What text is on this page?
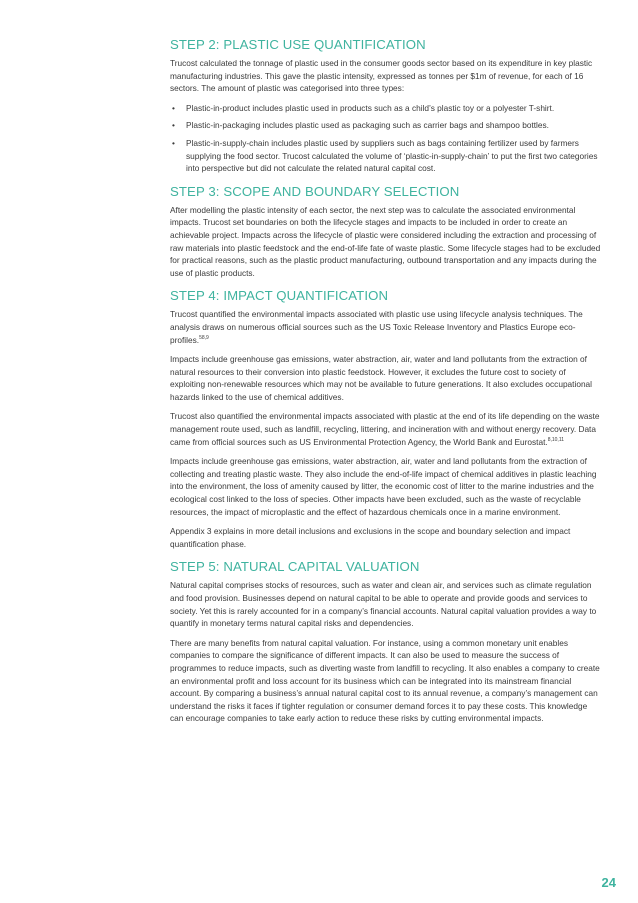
STEP 2: PLASTIC USE QUANTIFICATION

Trucost calculated the tonnage of plastic used in the consumer goods sector based on its expenditure in key plastic manufacturing industries. This gave the plastic intensity, expressed as tonnes per $1m of revenue, for each of 16 sectors. The amount of plastic was categorised into three types:

• Plastic-in-product includes plastic used in products such as a child’s plastic toy or a polyester T-shirt.
• Plastic-in-packaging includes plastic used as packaging such as carrier bags and shampoo bottles.
• Plastic-in-supply-chain includes plastic used by suppliers such as bags containing fertilizer used by farmers supplying the food sector. Trucost calculated the volume of ‘plastic-in-supply-chain’ to put the first two categories into perspective but did not calculate the related natural capital cost.
STEP 3: SCOPE AND BOUNDARY SELECTION

After modelling the plastic intensity of each sector, the next step was to calculate the associated environmental impacts. Trucost set boundaries on both the lifecycle stages and impacts to be included in order to create an achievable project. Impacts across the lifecycle of plastic were considered including the extraction and processing of raw materials into plastic feedstock and the end-of-life fate of waste plastic. Some lifecycle stages had to be excluded for practical reasons, such as the plastic product manufacturing, outbound transportation and any impacts during the use of plastic products.

STEP 4: IMPACT QUANTIFICATION

Trucost quantified the environmental impacts associated with plastic use using lifecycle analysis techniques. The analysis draws on numerous official sources such as the US Toxic Release Inventory and Plastics Europe eco-profiles.$^{58,9}$

Impacts include greenhouse gas emissions, water abstraction, air, water and land pollutants from the extraction of natural resources to their conversion into plastic feedstock. However, it excludes the future cost to society of exploiting non-renewable resources which may not be available to future generations. It also excludes occupational hazards linked to the use of chemical additives.

Trucost also quantified the environmental impacts associated with plastic at the end of its life depending on the waste management route used, such as landfill, recycling, littering, and incineration with and without energy recovery. Data came from official sources such as US Environmental Protection Agency, the World Bank and Eurostat.$^{8,10,11}$

Impacts include greenhouse gas emissions, water abstraction, air, water and land pollutants from the extraction of collecting and treating plastic waste. They also include the end-of-life impact of chemical additives in plastic leaching into the environment, the loss of amenity caused by litter, the economic cost of litter to the marine industries and the ecological cost linked to the loss of species. Other impacts have been excluded, such as the waste of recyclable resources, the impact of microplastic and the effect of hazardous chemicals once in a marine environment.

Appendix 3 explains in more detail inclusions and exclusions in the scope and boundary selection and impact quantification phase.

STEP 5: NATURAL CAPITAL VALUATION

Natural capital comprises stocks of resources, such as water and clean air, and services such as climate regulation and food provision. Businesses depend on natural capital to be able to operate and provide goods and services to society. Yet this is rarely accounted for in a company’s financial accounts. Natural capital valuation provides a way to quantify in monetary terms natural capital risks and dependencies.

There are many benefits from natural capital valuation. For instance, using a common monetary unit enables companies to compare the significance of different impacts. It can also be used to measure the success of programmes to reduce impacts, such as diverting waste from landfill to recycling. It also enables a company to create an environmental profit and loss account for its business which can be integrated into its mainstream financial account. By comparing a business’s annual natural capital cost to its annual revenue, a company’s management can understand the risks it faces if tighter regulation or consumer demand forces it to pay these costs. This knowledge can encourage companies to take early action to reduce these risks by cutting environmental impacts.

24
